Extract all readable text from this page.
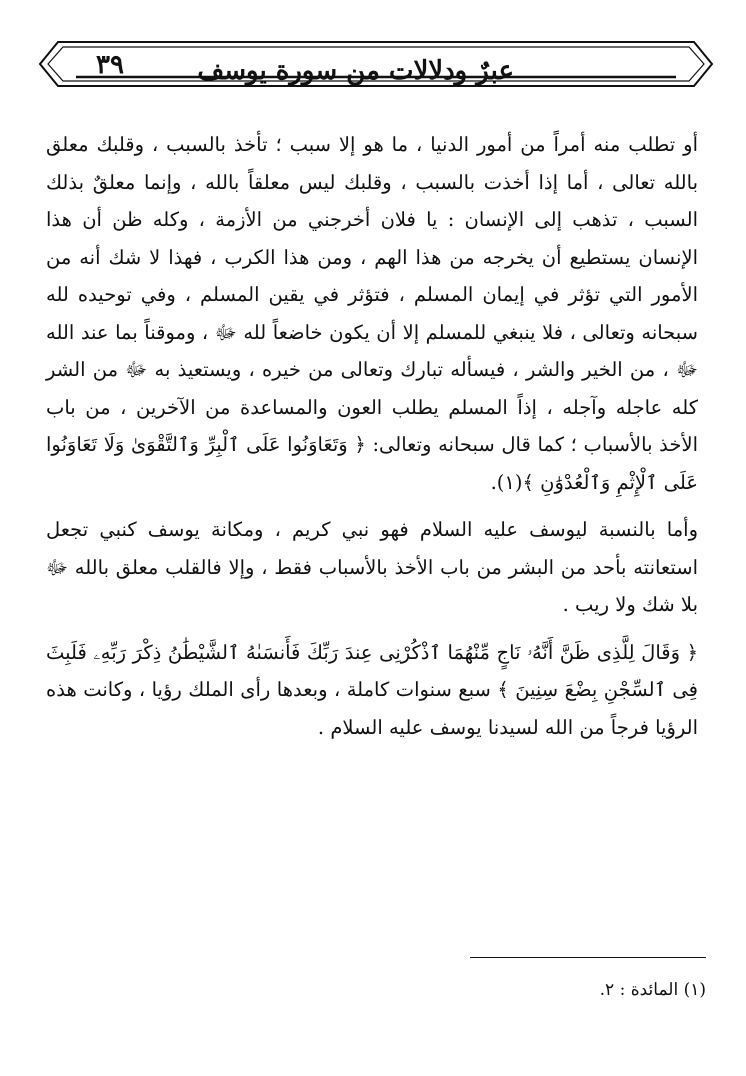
٣٩	عبرٌ ودلالات من سورة يوسف

أو تطلب منه أمراً من أمور الدنيا ، ما هو إلا سبب ؛ تأخذ بالسبب ، وقلبك معلق بالله تعالى ، أما إذا أخذت بالسبب ، وقلبك ليس معلقاً بالله ، وإنما معلقٌ بذلك السبب ، تذهب إلى الإنسان : يا فلان أخرجني من الأزمة ، وكله ظن أن هذا الإنسان يستطيع أن يخرجه من هذا الهم ، ومن هذا الكرب ، فهذا لا شك أنه من الأمور التي تؤثر في إيمان المسلم ، فتؤثر في يقين المسلم ، وفي توحيده لله سبحانه وتعالى ، فلا ينبغي للمسلم إلا أن يكون خاضعاً لله ﷻ ، وموقناً بما عند الله ﷻ ، من الخير والشر ، فيسأله تبارك وتعالى من خيره ، ويستعيذ به ﷻ من الشر كله عاجله وآجله ، إذاً المسلم يطلب العون والمساعدة من الآخرين ، من باب الأخذ بالأسباب ؛ كما قال سبحانه وتعالى: ﴿ وَتَعَاوَنُوا عَلَى ٱلْبِرِّ وَٱلتَّقْوَىٰ وَلَا تَعَاوَنُوا عَلَى ٱلْإِثْمِ وَٱلْعُدْوَٰنِ ﴾(١).

وأما بالنسبة ليوسف عليه السلام فهو نبي كريم ، ومكانة يوسف كنبي تجعل استعانته بأحد من البشر من باب الأخذ بالأسباب فقط ، وإلا فالقلب معلق بالله ﷻ بلا شك ولا ريب .

﴿ وَقَالَ لِلَّذِى ظَنَّ أَنَّهُۥ نَاجٍ مِّنْهُمَا ٱذْكُرْنِى عِندَ رَبِّكَ فَأَنسَىٰهُ ٱلشَّيْطَٰنُ ذِكْرَ رَبِّهِۦ فَلَبِثَ فِى ٱلسِّجْنِ بِضْعَ سِنِينَ ﴾ سبع سنوات كاملة ، وبعدها رأى الملك رؤيا ، وكانت هذه الرؤيا فرجاً من الله لسيدنا يوسف عليه السلام .

(١) المائدة : ٢.
